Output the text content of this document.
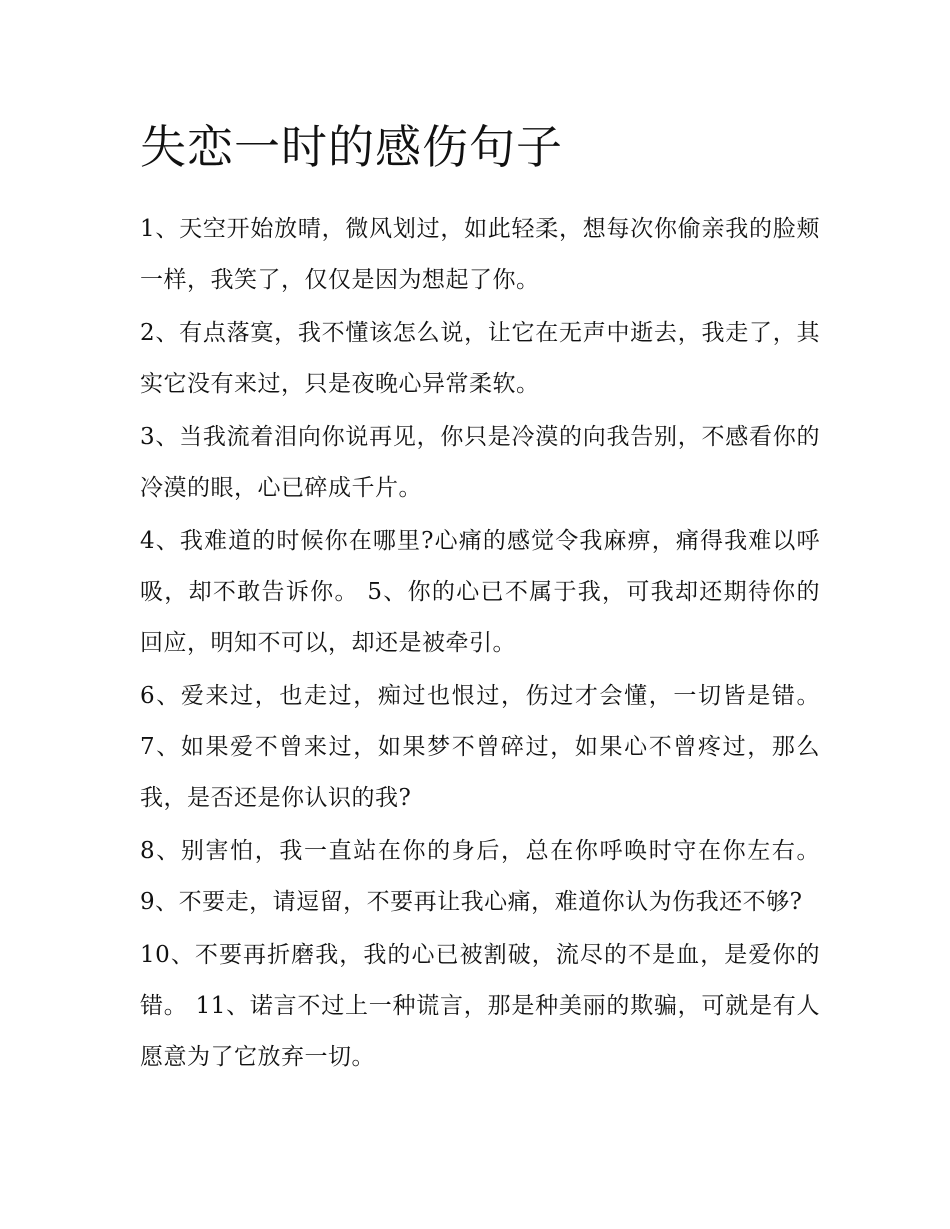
失恋一时的感伤句子

1、天空开始放晴，微风划过，如此轻柔，想每次你偷亲我的脸颊一样，我笑了，仅仅是因为想起了你。

2、有点落寞，我不懂该怎么说，让它在无声中逝去，我走了，其实它没有来过，只是夜晚心异常柔软。

3、当我流着泪向你说再见，你只是冷漠的向我告别，不感看你的冷漠的眼，心已碎成千片。

4、我难道的时候你在哪里?心痛的感觉令我麻痹，痛得我难以呼吸，却不敢告诉你。 5、你的心已不属于我，可我却还期待你的回应，明知不可以，却还是被牵引。

6、爱来过，也走过，痴过也恨过，伤过才会懂，一切皆是错。 7、如果爱不曾来过，如果梦不曾碎过，如果心不曾疼过，那么我，是否还是你认识的我?

8、别害怕，我一直站在你的身后，总在你呼唤时守在你左右。 9、不要走，请逗留，不要再让我心痛，难道你认为伤我还不够?

10、不要再折磨我，我的心已被割破，流尽的不是血，是爱你的错。 11、诺言不过上一种谎言，那是种美丽的欺骗，可就是有人愿意为了它放弃一切。
